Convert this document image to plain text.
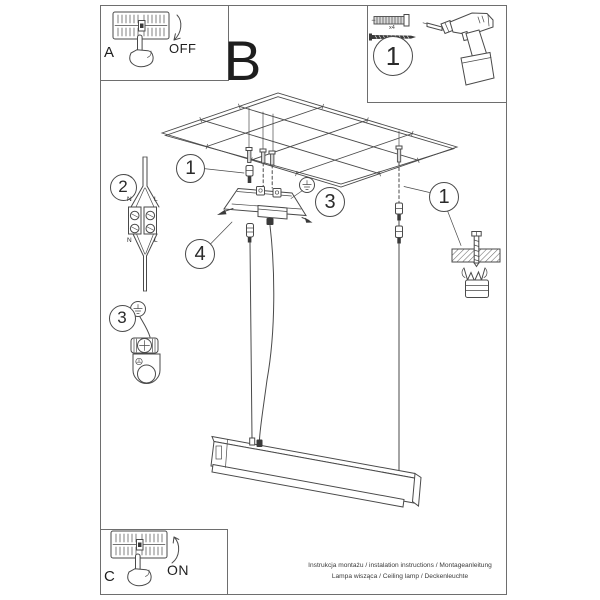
A	OFF B
x4
C	ON
1
1
2
3
3
4
1
N	L
N	L
Instrukcja montażu / instalation instructions / Montageanleitung
Lampa wisząca / Ceiling lamp / Deckenleuchte
